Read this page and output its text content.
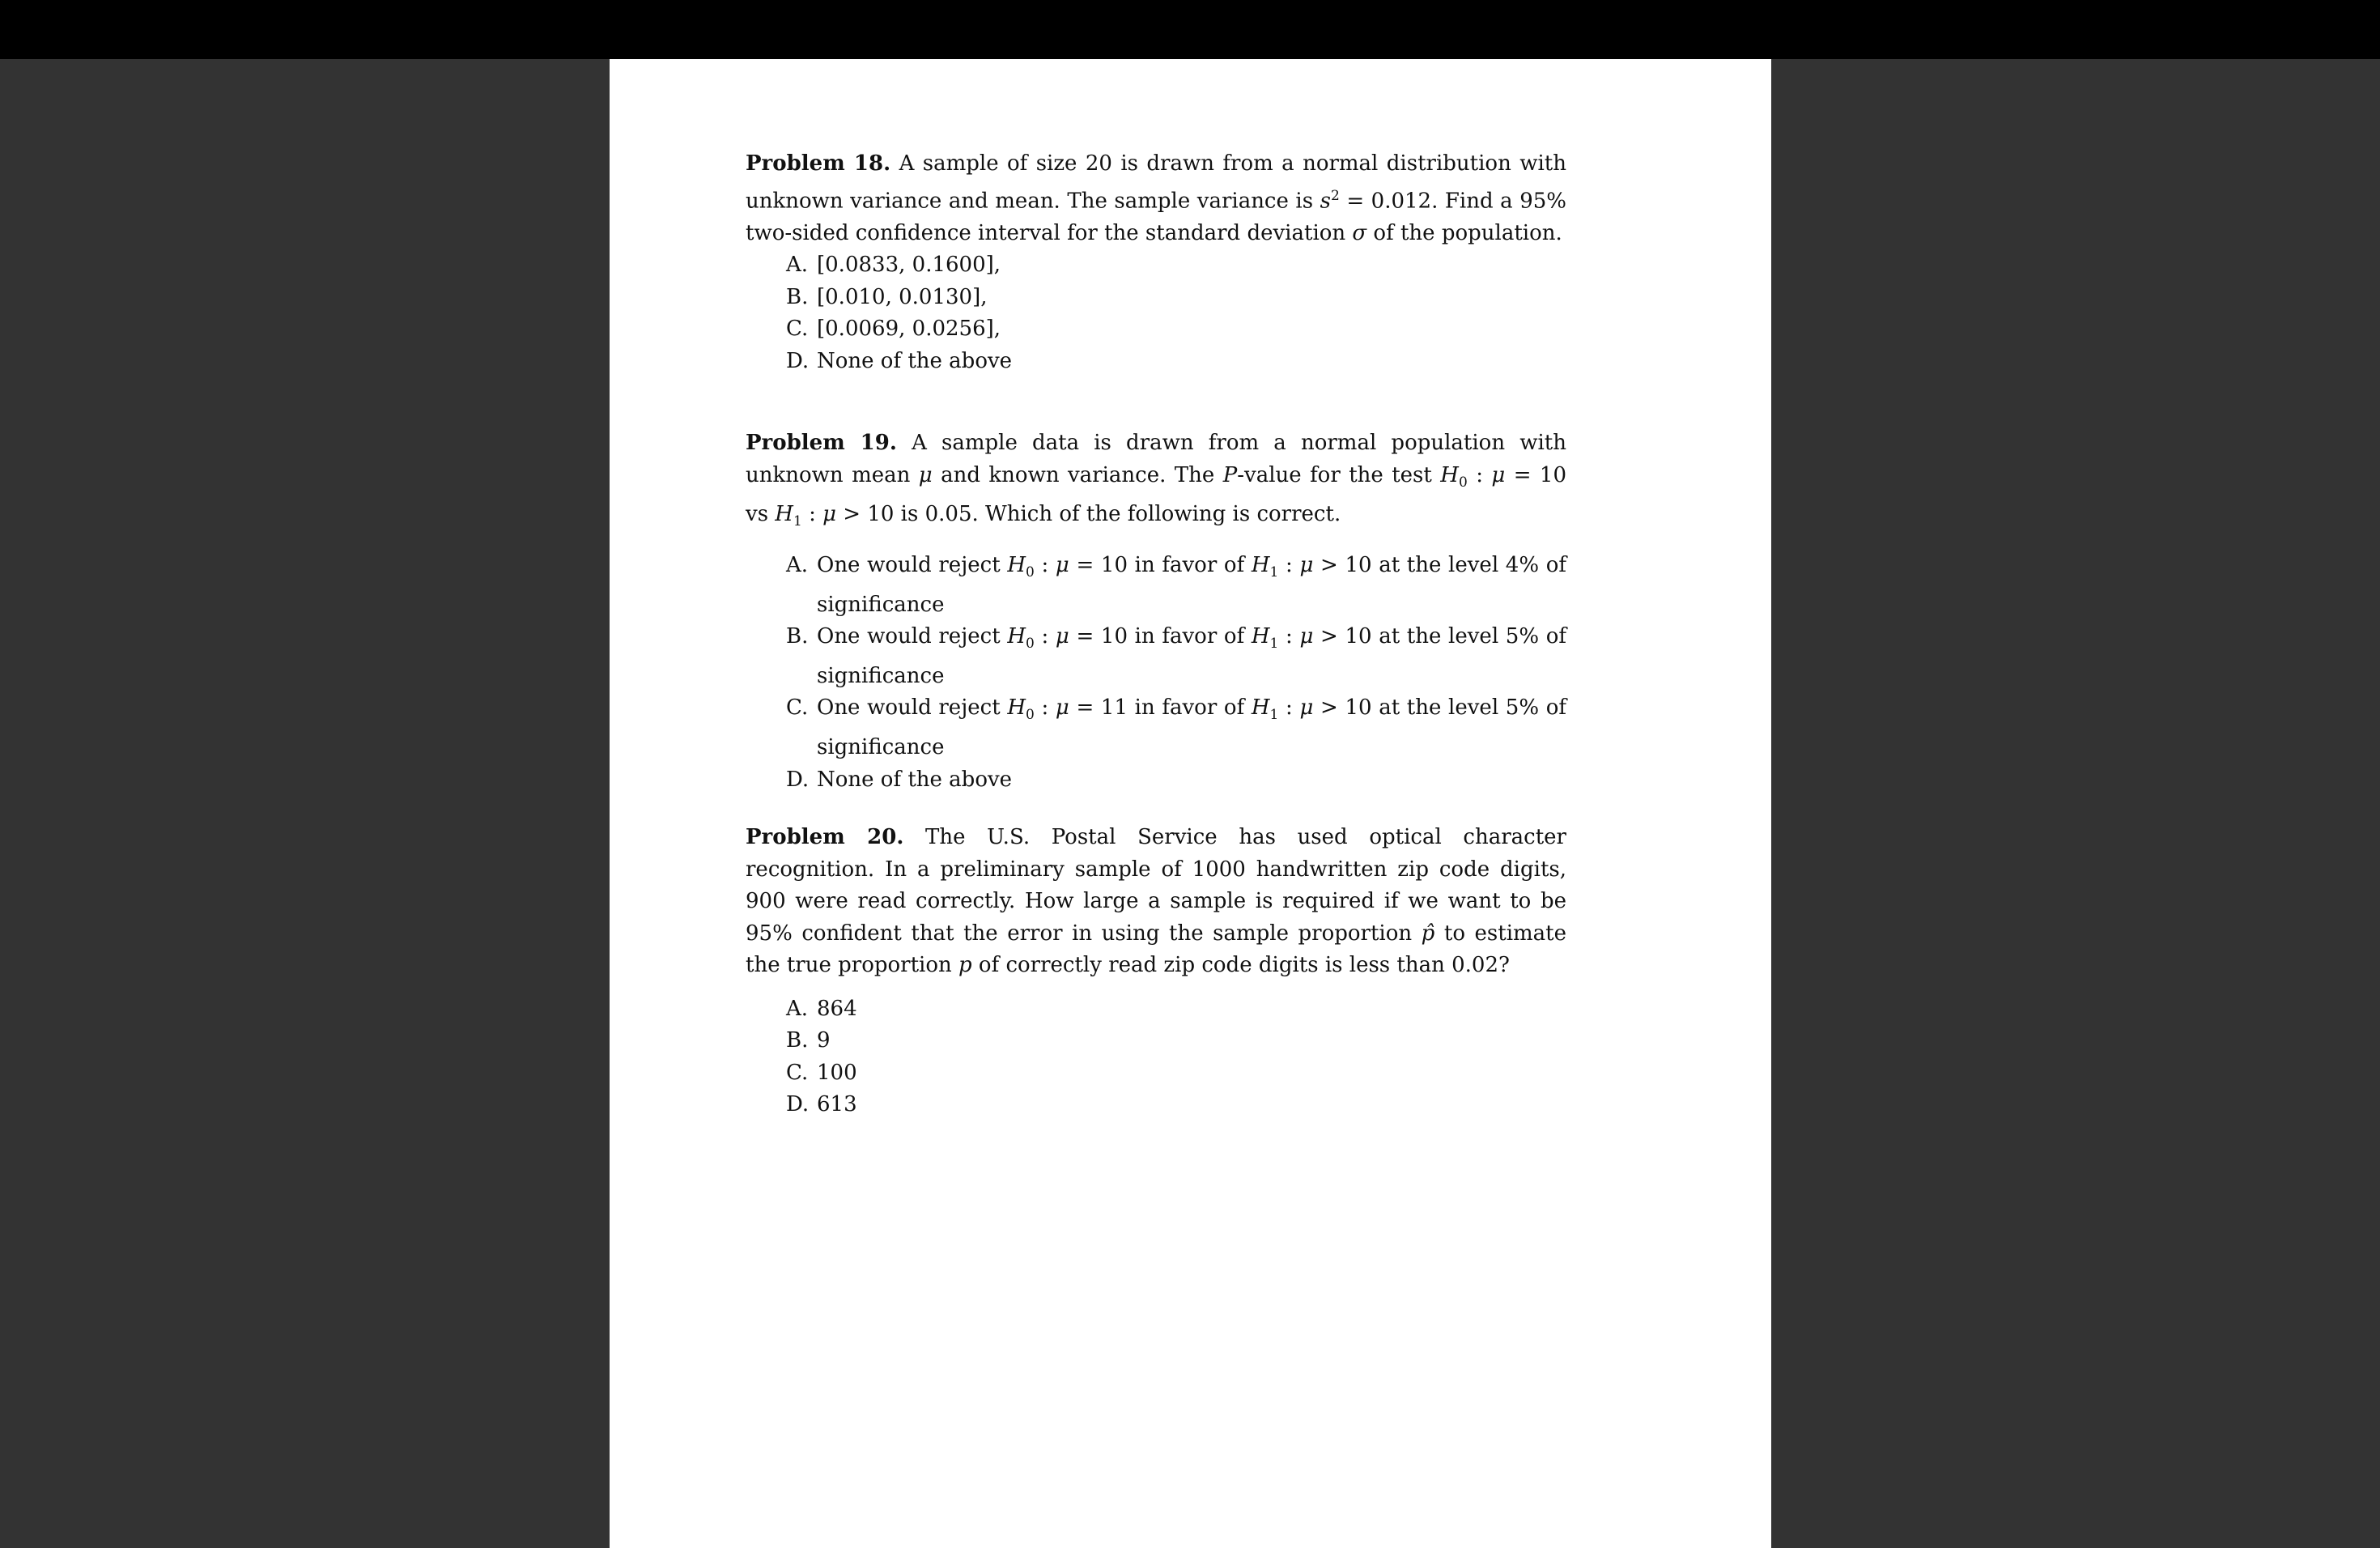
Problem 18. A sample of size 20 is drawn from a normal distribution with unknown variance and mean. The sample variance is $s^2 = 0.012$. Find a 95% two-sided confidence interval for the standard deviation σ of the population.

A. [0.0833, 0.1600],
B. [0.010, 0.0130],
C. [0.0069, 0.0256],
D. None of the above

Problem 19. A sample data is drawn from a normal population with unknown mean μ and known variance. The P-value for the test $H_0$ : μ = 10 vs $H_1$ : μ > 10 is 0.05. Which of the following is correct.

A. One would reject $H_0$ : μ = 10 in favor of $H_1$ : μ > 10 at the level 4% of significance
B. One would reject $H_0$ : μ = 10 in favor of $H_1$ : μ > 10 at the level 5% of significance
C. One would reject $H_0$ : μ = 11 in favor of $H_1$ : μ > 10 at the level 5% of significance
D. None of the above

Problem 20. The U.S. Postal Service has used optical character recognition. In a preliminary sample of 1000 handwritten zip code digits, 900 were read correctly. How large a sample is required if we want to be 95% confident that the error in using the sample proportion p̂ to estimate the true proportion p of correctly read zip code digits is less than 0.02?

A. 864
B. 9
C. 100
D. 613
